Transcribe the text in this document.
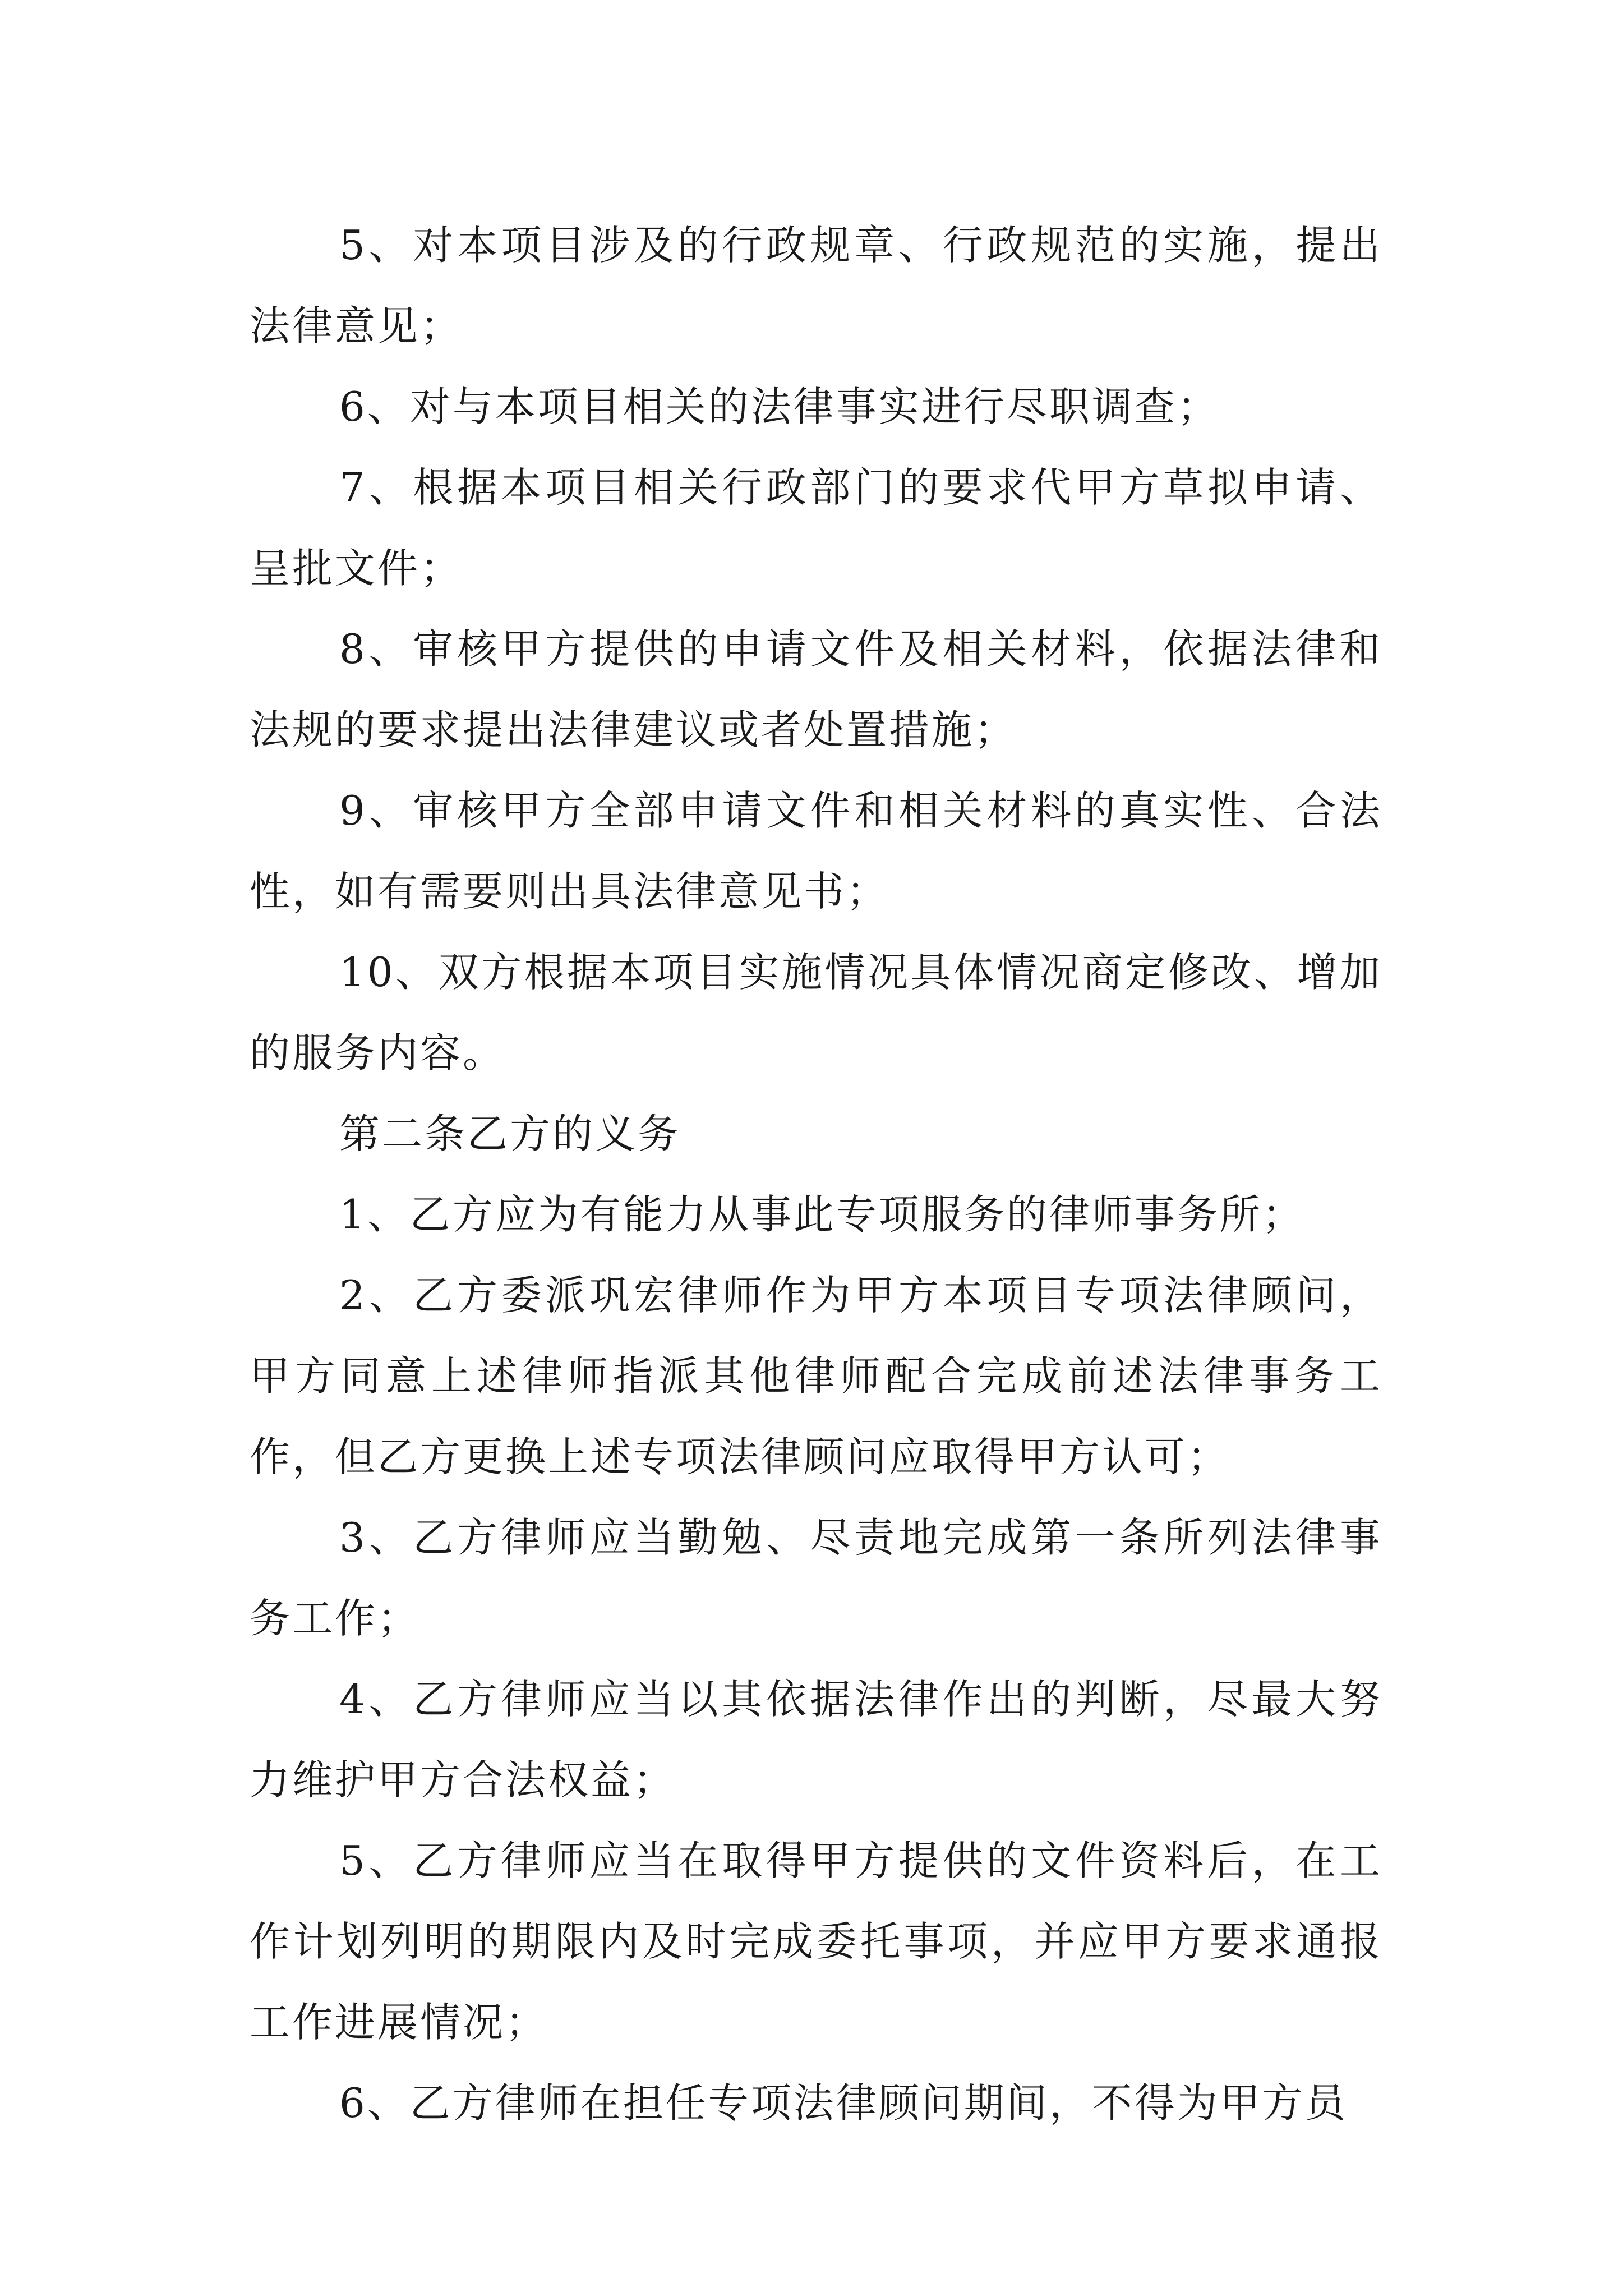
5、对本项目涉及的行政规章、行政规范的实施，提出法律意见；

6、对与本项目相关的法律事实进行尽职调查；

7、根据本项目相关行政部门的要求代甲方草拟申请、呈批文件；

8、审核甲方提供的申请文件及相关材料，依据法律和法规的要求提出法律建议或者处置措施；

9、审核甲方全部申请文件和相关材料的真实性、合法性，如有需要则出具法律意见书；

10、双方根据本项目实施情况具体情况商定修改、增加的服务内容。

第二条乙方的义务

1、乙方应为有能力从事此专项服务的律师事务所；

2、乙方委派巩宏律师作为甲方本项目专项法律顾问，甲方同意上述律师指派其他律师配合完成前述法律事务工作，但乙方更换上述专项法律顾问应取得甲方认可；

3、乙方律师应当勤勉、尽责地完成第一条所列法律事务工作；

4、乙方律师应当以其依据法律作出的判断，尽最大努力维护甲方合法权益；

5、乙方律师应当在取得甲方提供的文件资料后，在工作计划列明的期限内及时完成委托事项，并应甲方要求通报工作进展情况；

6、乙方律师在担任专项法律顾问期间，不得为甲方员
